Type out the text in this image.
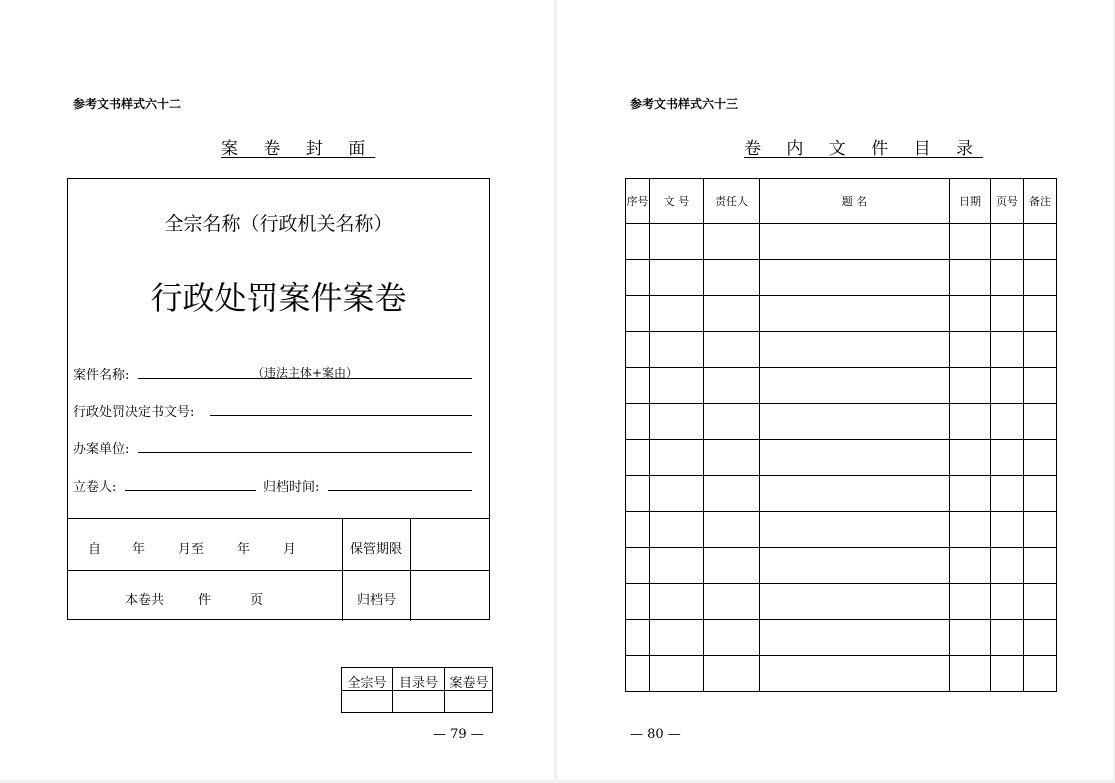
参考文书样式六十二
案 卷 封 面
全宗名称（行政机关名称）
行政处罚案件案卷
案件名称:	（违法主体+案由）
行政处罚决定书文号:
办案单位:
立卷人:	归档时间:
自 年	月至	年	月	保管期限
本卷共	件	页	归档号
全宗号 目录号 案卷号
— 79 —
参考文书样式六十三
卷 内 文 件 目 录
— 80 —
序号	文 号	责任人	题 名	日期	页号	备注
